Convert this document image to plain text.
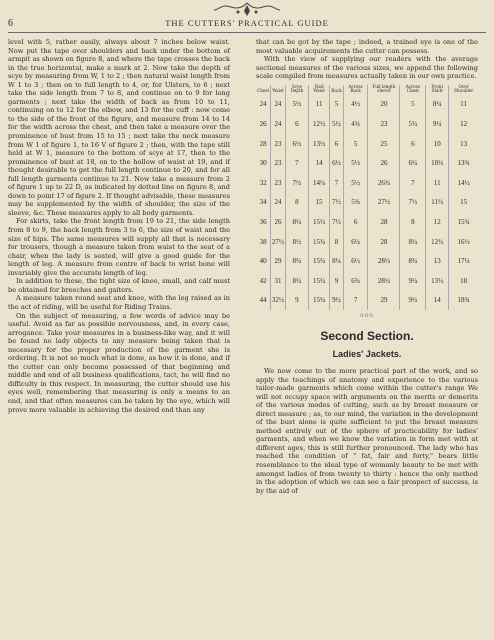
6	THE CUTTERS' PRACTICAL GUIDE

level with 5, rather easily, always about 7 inches below waist. Now put the tape over shoulders and back under the bottom of armpit as shown on figure 8, and where the tape crosses the back in the true horizontal, make a mark at 2. Now take the depth of scye by measuring from W, 1 to 2 ; then natural waist length from W 1 to 3 ; then on to full length to 4, or, for Ulsters, to 6 ; next take the side length from 7 to 8, and continue on to 9 for long garments ; next take the width of back as from 10 to 11, continuing on to 12 for the elbow, and 13 for the cuff : now come to the side of the front of the figure, and measure from 14 to 14 for the width across the chest, and then take a measure over the prominence of bust from 15 to 15 ; next take the neck measure from W 1 of figure 1, to 16 V of figure 2 ; then, with the tape still held at W 1, measure to the bottom of scye at 17, then to the prominence of bust at 18, on to the hollow of waist at 19, and if thought desirable to get the full length continue to 20, and for all full length garments continue to 21. Now take a measure from 2 of figure 1 up to 22 D, as indicated by dotted line on figure 8, and down to point 17 of figure 2. If thought advisable, these measures may be supplemented by the width of shoulder, the size of the sleeve, &c. These measures apply to all body garments.

For skirts, take the front length from 19 to 21, the side length from 8 to 9, the back length from 3 to 6, the size of waist and the size of hips. The same measures will supply all that is necessary for trousers, though a measure taken from waist to the seat of a chair, when the lady is seated, will give a good guide for the length of leg. A measure from centre of back to wrist bone will invariably give the accurate length of leg.

In addition to these, the tight size of knee, small, and calf must be obtained for breeches and gaiters.

A measure taken round seat and knee, with the leg raised as in the act of riding, will be useful for Riding Trains.

On the subject of measuring, a few words of advice may be useful. Avoid as far as possible nervousness, and, in every case, arrogance. Take your measures in a business-like way, and it will be found no lady objects to any measure being taken that is necessary for the proper production of the garment she is ordering. It is not so much what is done, as how it is done, and if the cutter can only become possessed of that beginning and middle and end of all business qualifications, tact, he will find no difficulty in this respect. In measuring, the cutter should use his eyes well, remembering that measuring is only a means to an end, and that often measures can be taken by the eye, which will prove more valuable in achieving the desired end than any

that can be got by the tape ; indeed, a trained eye is one of the most valuable acquirements the cutter can possess.

With the view of supplying our readers with the average sectional measures of the various sizes, we append the following scale compiled from measures actually taken in our own practice.

Chest	Waist	Scye Depth	Natl Waist	Back	Across Back	Full length sleeve	Across Chest	Front Shldr	Over Shoulder
24	24	5½	11	5	4½	20	5	8¼	11
26	24	6	12½	5½	4¾	23	5¾	9¼	12
28	23	6½	13½	6	5	25	6	10	13
30	23	7	14	6½	5½	26	6¼	10½	13¾
32	23	7½	14¼	7	5½	26¾	7	11	14½
34	24	8	15	7½	5¾	27½	7½	11½	15
36	26	8¼	15½	7½	6	28	8	12	15¾
38	27½	8½	15¾	8	6¼	28	8¼	12½	16½
40	29	8¾	15¾	8¼	6½	28½	8¾	13	17¼
42	31	8¾	15¾	9	6¾	28½	9¼	13½	18
44	32½	9	15¾	9½	7	29	9½	14	18¾
ooo
Second Section.
Ladies' Jackets.

We now come to the more practical part of the work, and so apply the teachings of anatomy and experience to the various tailor-made garments which come within the cutter's range We will not occupy space with arguments on the merits or demerits of the various modes of cutting, such as by breast measure or direct measure ; as, to our mind, the variation in the development of the bust alone is quite sufficient to put the breast measure method entirely out of the sphere of practicability for ladies' garments, and when we know the variation in form met with at different ages, this is still further pronounced. The lady who has reached the condition of " fat, fair and forty," bears little resemblance to the ideal type of womanly beauty to be met with amongst ladies of from twenty to thirty : hence the only method in the adoption of which we can see a fair prospect of success, is by the aid of
